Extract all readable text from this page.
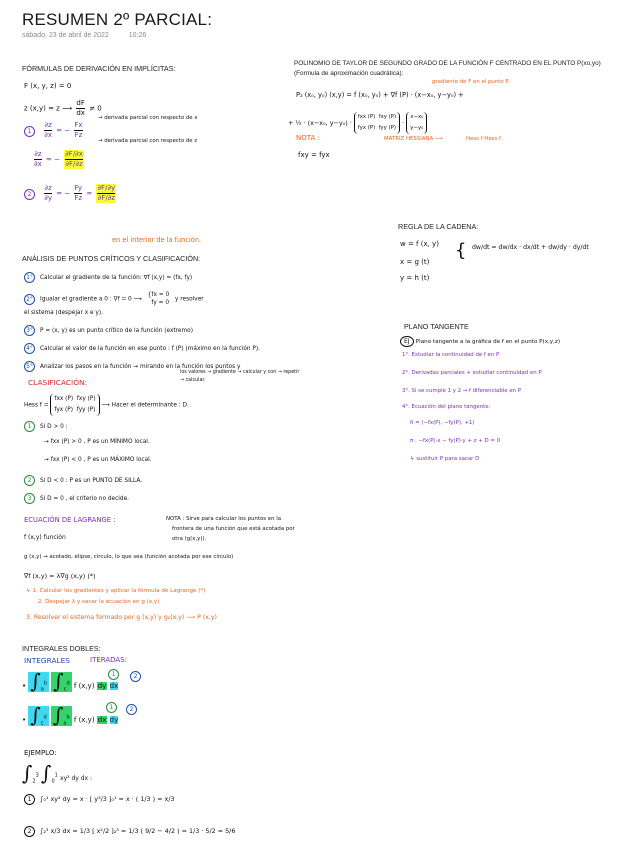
RESUMEN 2º PARCIAL:
sábado, 23 de abril de 2022	10:26
FÓRMULAS DE DERIVACIÓN EN IMPLÍCITAS:
F (x, y, z) = 0
z (x,y) = z ⟶ $\frac{dF}{dx} \ne 0$
→ derivada parcial con respecto de x
→ derivada parcial con respecto de z
$1 \frac{\partial z}{\partial x}$ = − $\frac{Fx}{Fz}$
$\frac{\partial z}{\partial x}$ = − $\frac{\partial F/\partial x}{\partial F/\partial z}$
$2 \frac{\partial z}{\partial y}$ = − $\frac{Fy}{Fz} = \frac{\partial F/\partial y}{\partial F/\partial z}$
POLINOMIO DE TAYLOR DE SEGUNDO GRADO DE LA FUNCIÓN F CENTRADO EN EL PUNTO P(xo,yo)
(Formula de aproximación cuadrática):
gradiente de F en el punto P.
P₂ (x₀, y₀) (x,y) = f (x₀, y₀) + ∇f (P) · (x−x₀, y−y₀) +
+ ½ · (x−x₀, y−y₀) · fxx (P) fxy (P)
fyx (P) fyy (P) · x−x₀
y−y₀
NOTA :
fxy = fyx
MATRIZ HESSIANA ⟶	Hess f Hess f.
REGLA DE LA CADENA:
w = f (x, y)
x = g (t)
y = h (t)
{ dw/dt = dw/dx · dx/dt + dw/dy · dy/dt
PLANO TANGENTE
EJ Plano tangente a la gráfica de f en el punto P(x,y,z)
1°. Estudiar la continuidad de f en P
2°. Derivadas parciales + estudiar continuidad en P
3°. Si se cumple 1 y 2 → f diferenciable en P
4°. Ecuación del plano tangente:
n⃗ = (−fx(P), −fy(P), +1)
π : −fx(P)·x − fy(P)·y + z + D = 0
↳ sustituir P para sacar D
en el interior de la función.
ANÁLISIS DE PUNTOS CRÍTICOS Y CLASIFICACIÓN:
1° Calcular el gradiente de la función: ∇f (x,y) = (fx, fy)
2° Igualar el gradiente a 0 : ∇f = 0 ⟶ {fx = 0
fy = 0 y resolver
el sistema (despejar x e y).
3° P = (x, y) es un punto crítico de la función (extremo)
4° Calcular el valor de la función en ese punto : f (P) (máximo en la función P).
5° Analizar los pasos en la función → mirando en la función los puntos y
los valores → gradiente → calcular y con → repetir
→ calcular.
CLASIFICACIÓN:
Hess f = fxx (P) fxy (P)
fyx (P) fyy (P) ⟶ Hacer el determinante : D.
1 Si D > 0 :
→ fxx (P) > 0 , P es un MÍNIMO local.
→ fxx (P) < 0 , P es un MÁXIMO local.
2 Si D < 0 : P es un PUNTO DE SILLA.
3 Si D = 0 , el criterio no decide.
ECUACIÓN DE LAGRANGE :	NOTA : Sirve para calcular los puntos en la
frontera de una función que está acotada por
otra (g(x,y)).
f (x,y) función
g (x,y) → acotado, elipse, círculo, lo que sea (función acotada por ese círculo)
∇f (x,y) = λ∇g (x,y) (*)
↳ 1. Calcular los gradientes y aplicar la fórmula de Lagrange (*)
2. Despejar λ y sacar la ecuación en g (x,y)
3. Resolver el sistema formado por g (x,y) y g₂(x,y) ⟶ P (x,y)
INTEGRALES DOBLES:
INTEGRALES	ITERADAS:
• $\int_a^b$ $\int_c^d$ f (x,y) dy dx
1	2
• $\int_c^d$ $\int_a^b$ f (x,y) dx dy
1	2
EJEMPLO:
$\int_2^3$ $\int_0^1$ xy² dy dx :
1 ∫₀¹ xy² dy = x · [ y³/3 ]₀¹ = x · ( 1/3 ) = x/3
2 ∫₂³ x/3 dx = 1/3 [ x²/2 ]₂³ = 1/3 ( 9/2 − 4/2 ) = 1/3 · 5/2 = 5/6
